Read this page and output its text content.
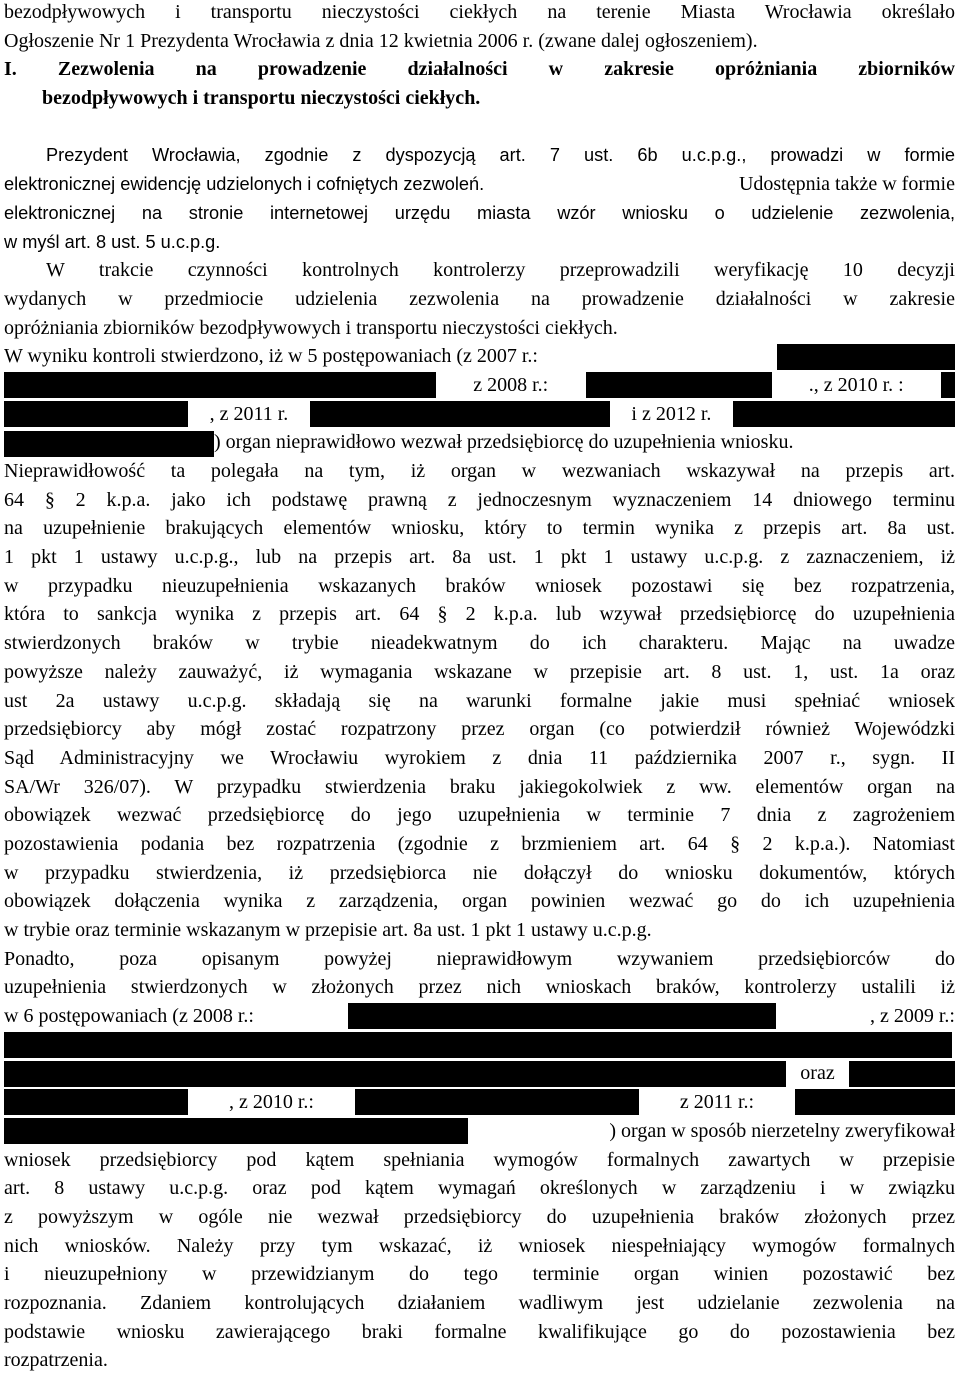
bezodpływowych i transportu nieczystości ciekłych na terenie Miasta Wrocławia określało
Ogłoszenie Nr 1 Prezydenta Wrocławia z dnia 12 kwietnia 2006 r. (zwane dalej ogłoszeniem).
I. Zezwolenia na prowadzenie działalności w zakresie opróżniania zbiorników
bezodpływowych i transportu nieczystości ciekłych.
Prezydent Wrocławia, zgodnie z dyspozycją art. 7 ust. 6b u.c.p.g., prowadzi w formie
elektronicznej ewidencję udzielonych i cofniętych zezwoleń.	Udostępnia także w formie
elektronicznej na stronie internetowej urzędu miasta wzór wniosku o udzielenie zezwolenia,
w myśl art. 8 ust. 5 u.c.p.g.
W trakcie czynności kontrolnych kontrolerzy przeprowadzili weryfikację 10 decyzji
wydanych w przedmiocie udzielenia zezwolenia na prowadzenie działalności w zakresie
opróżniania zbiorników bezodpływowych i transportu nieczystości ciekłych.
W wyniku kontroli stwierdzono, iż w 5 postępowaniach (z 2007 r.:
z 2008 r.:	., z 2010 r. :
, z 2011 r.	i z 2012 r.
) organ nieprawidłowo wezwał przedsiębiorcę do uzupełnienia wniosku.
Nieprawidłowość ta polegała na tym, iż organ w wezwaniach wskazywał na przepis art.
64 § 2 k.p.a. jako ich podstawę prawną z jednoczesnym wyznaczeniem 14 dniowego terminu
na uzupełnienie brakujących elementów wniosku, który to termin wynika z przepis art. 8a ust.
1 pkt 1 ustawy u.c.p.g., lub na przepis art. 8a ust. 1 pkt 1 ustawy u.c.p.g. z zaznaczeniem, iż
w przypadku nieuzupełnienia wskazanych braków wniosek pozostawi się bez rozpatrzenia,
która to sankcja wynika z przepis art. 64 § 2 k.p.a. lub wzywał przedsiębiorcę do uzupełnienia
stwierdzonych braków w trybie nieadekwatnym do ich charakteru. Mając na uwadze
powyższe należy zauważyć, iż wymagania wskazane w przepisie art. 8 ust. 1, ust. 1a oraz
ust 2a ustawy u.c.p.g. składają się na warunki formalne jakie musi spełniać wniosek
przedsiębiorcy aby mógł zostać rozpatrzony przez organ (co potwierdził również Wojewódzki
Sąd Administracyjny we Wrocławiu wyrokiem z dnia 11 października 2007 r., sygn. II
SA/Wr 326/07). W przypadku stwierdzenia braku jakiegokolwiek z ww. elementów organ na
obowiązek wezwać przedsiębiorcę do jego uzupełnienia w terminie 7 dnia z zagrożeniem
pozostawienia podania bez rozpatrzenia (zgodnie z brzmieniem art. 64 § 2 k.p.a.). Natomiast
w przypadku stwierdzenia, iż przedsiębiorca nie dołączył do wniosku dokumentów, których
obowiązek dołączenia wynika z zarządzenia, organ powinien wezwać go do ich uzupełnienia
w trybie oraz terminie wskazanym w przepisie art. 8a ust. 1 pkt 1 ustawy u.c.p.g.
Ponadto, poza opisanym powyżej nieprawidłowym wzywaniem przedsiębiorców do
uzupełnienia stwierdzonych w złożonych przez nich wnioskach braków, kontrolerzy ustalili iż
w 6 postępowaniach (z 2008 r.:	, z 2009 r.:
oraz
, z 2010 r.:	z 2011 r.:
) organ w sposób nierzetelny zweryfikował
wniosek przedsiębiorcy pod kątem spełniania wymogów formalnych zawartych w przepisie
art. 8 ustawy u.c.p.g. oraz pod kątem wymagań określonych w zarządzeniu i w związku
z powyższym w ogóle nie wezwał przedsiębiorcy do uzupełnienia braków złożonych przez
nich wniosków. Należy przy tym wskazać, iż wniosek niespełniający wymogów formalnych
i nieuzupełniony w przewidzianym do tego terminie organ winien pozostawić bez
rozpoznania. Zdaniem kontrolujących działaniem wadliwym jest udzielanie zezwolenia na
podstawie wniosku zawierającego braki formalne kwalifikujące go do pozostawienia bez
rozpatrzenia.
